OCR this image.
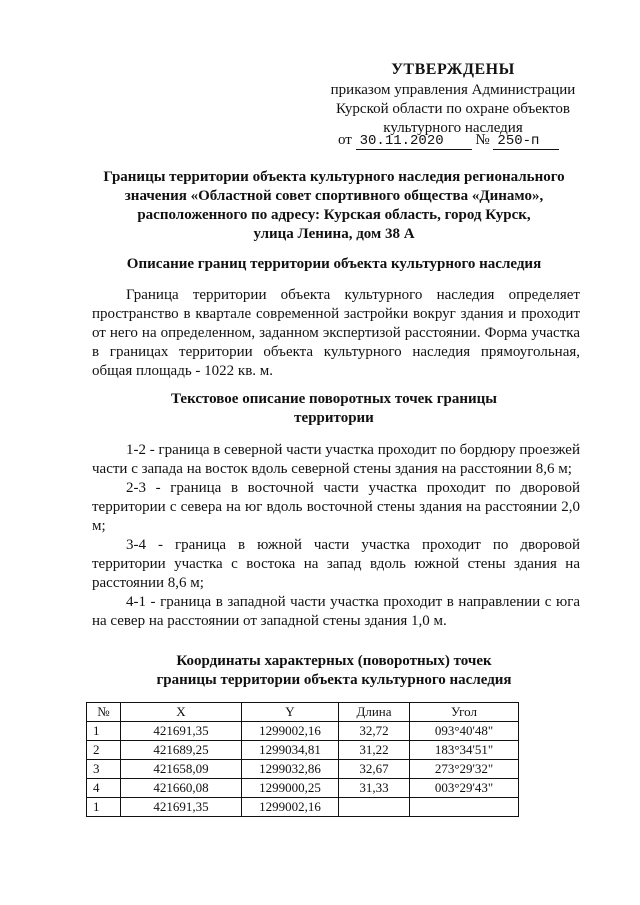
УТВЕРЖДЕНЫ
приказом управления Администрации
Курской области по охране объектов
культурного наследия
от 30.11.2020 № 250-п
Границы территории объекта культурного наследия регионального
значения «Областной совет спортивного общества «Динамо»,
расположенного по адресу: Курская область, город Курск,
улица Ленина, дом 38 А
Описание границ территории объекта культурного наследия

Граница территории объекта культурного наследия определяет пространство в квартале современной застройки вокруг здания и проходит от него на определенном, заданном экспертизой расстоянии. Форма участка в границах территории объекта культурного наследия прямоугольная, общая площадь - 1022 кв. м.

Текстовое описание поворотных точек границы
территории

1-2 - граница в северной части участка проходит по бордюру проезжей части с запада на восток вдоль северной стены здания на расстоянии 8,6 м;

2-3 - граница в восточной части участка проходит по дворовой территории с севера на юг вдоль восточной стены здания на расстоянии 2,0 м;

3-4 - граница в южной части участка проходит по дворовой территории участка с востока на запад вдоль южной стены здания на расстоянии 8,6 м;

4-1 - граница в западной части участка проходит в направлении с юга на север на расстоянии от западной стены здания 1,0 м.

Координаты характерных (поворотных) точек
границы территории объекта культурного наследия
№	X	Y	Длина	Угол
1	421691,35	1299002,16	32,72	093°40'48"
2	421689,25	1299034,81	31,22	183°34'51"
3	421658,09	1299032,86	32,67	273°29'32"
4	421660,08	1299000,25	31,33	003°29'43"
1	421691,35	1299002,16		
